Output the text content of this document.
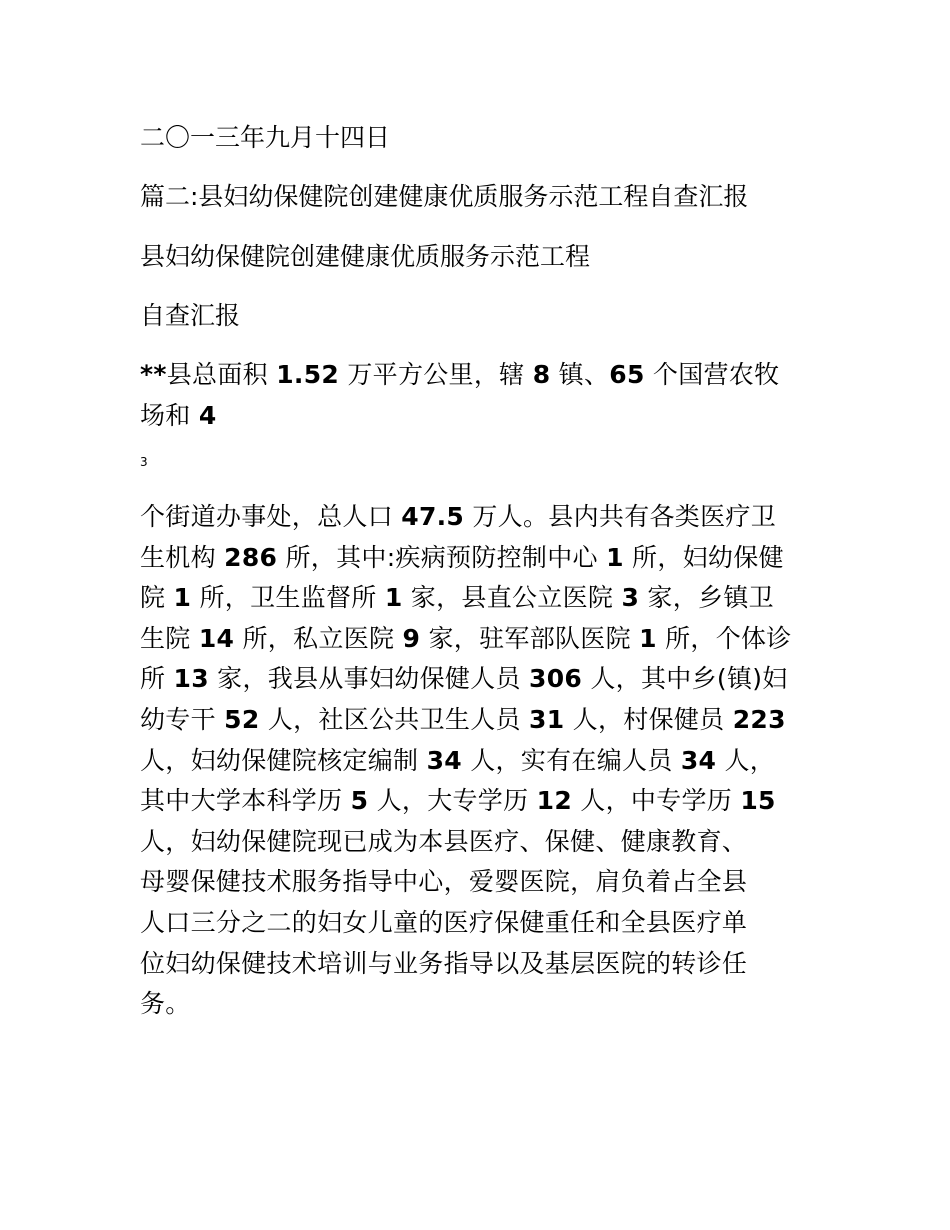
二〇一三年九月十四日
篇二:县妇幼保健院创建健康优质服务示范工程自查汇报
县妇幼保健院创建健康优质服务示范工程
自查汇报

**县总面积 1.52 万平方公里，辖 8 镇、65 个国营农牧

场和 4

3

个街道办事处，总人口 47.5 万人。县内共有各类医疗卫

生机构 286 所，其中:疾病预防控制中心 1 所，妇幼保健

院 1 所，卫生监督所 1 家，县直公立医院 3 家，乡镇卫

生院 14 所，私立医院 9 家，驻军部队医院 1 所，个体诊

所 13 家，我县从事妇幼保健人员 306 人，其中乡(镇)妇

幼专干 52 人，社区公共卫生人员 31 人，村保健员 223

人，妇幼保健院核定编制 34 人，实有在编人员 34 人，

其中大学本科学历 5 人，大专学历 12 人，中专学历 15

人，妇幼保健院现已成为本县医疗、保健、健康教育、

母婴保健技术服务指导中心，爱婴医院，肩负着占全县

人口三分之二的妇女儿童的医疗保健重任和全县医疗单

位妇幼保健技术培训与业务指导以及基层医院的转诊任

务。
